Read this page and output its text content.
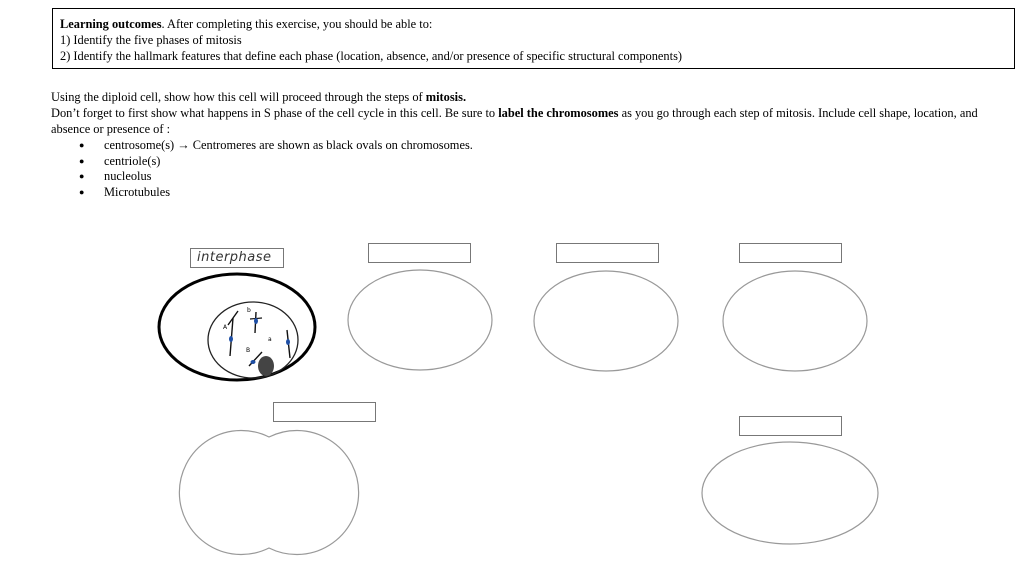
Learning outcomes. After completing this exercise, you should be able to:
1) Identify the five phases of mitosis
2) Identify the hallmark features that define each phase (location, absence, and/or presence of specific structural components)

Using the diploid cell, show how this cell will proceed through the steps of mitosis.

Don’t forget to first show what happens in S phase of the cell cycle in this cell. Be sure to label the chromosomes as you go through each step of mitosis. Include cell shape, location, and absence or presence of :

● centrosome(s) → Centromeres are shown as black ovals on chromosomes.
● centriole(s)
● nucleolus
● Microtubules
interphase
A
b
a
B
